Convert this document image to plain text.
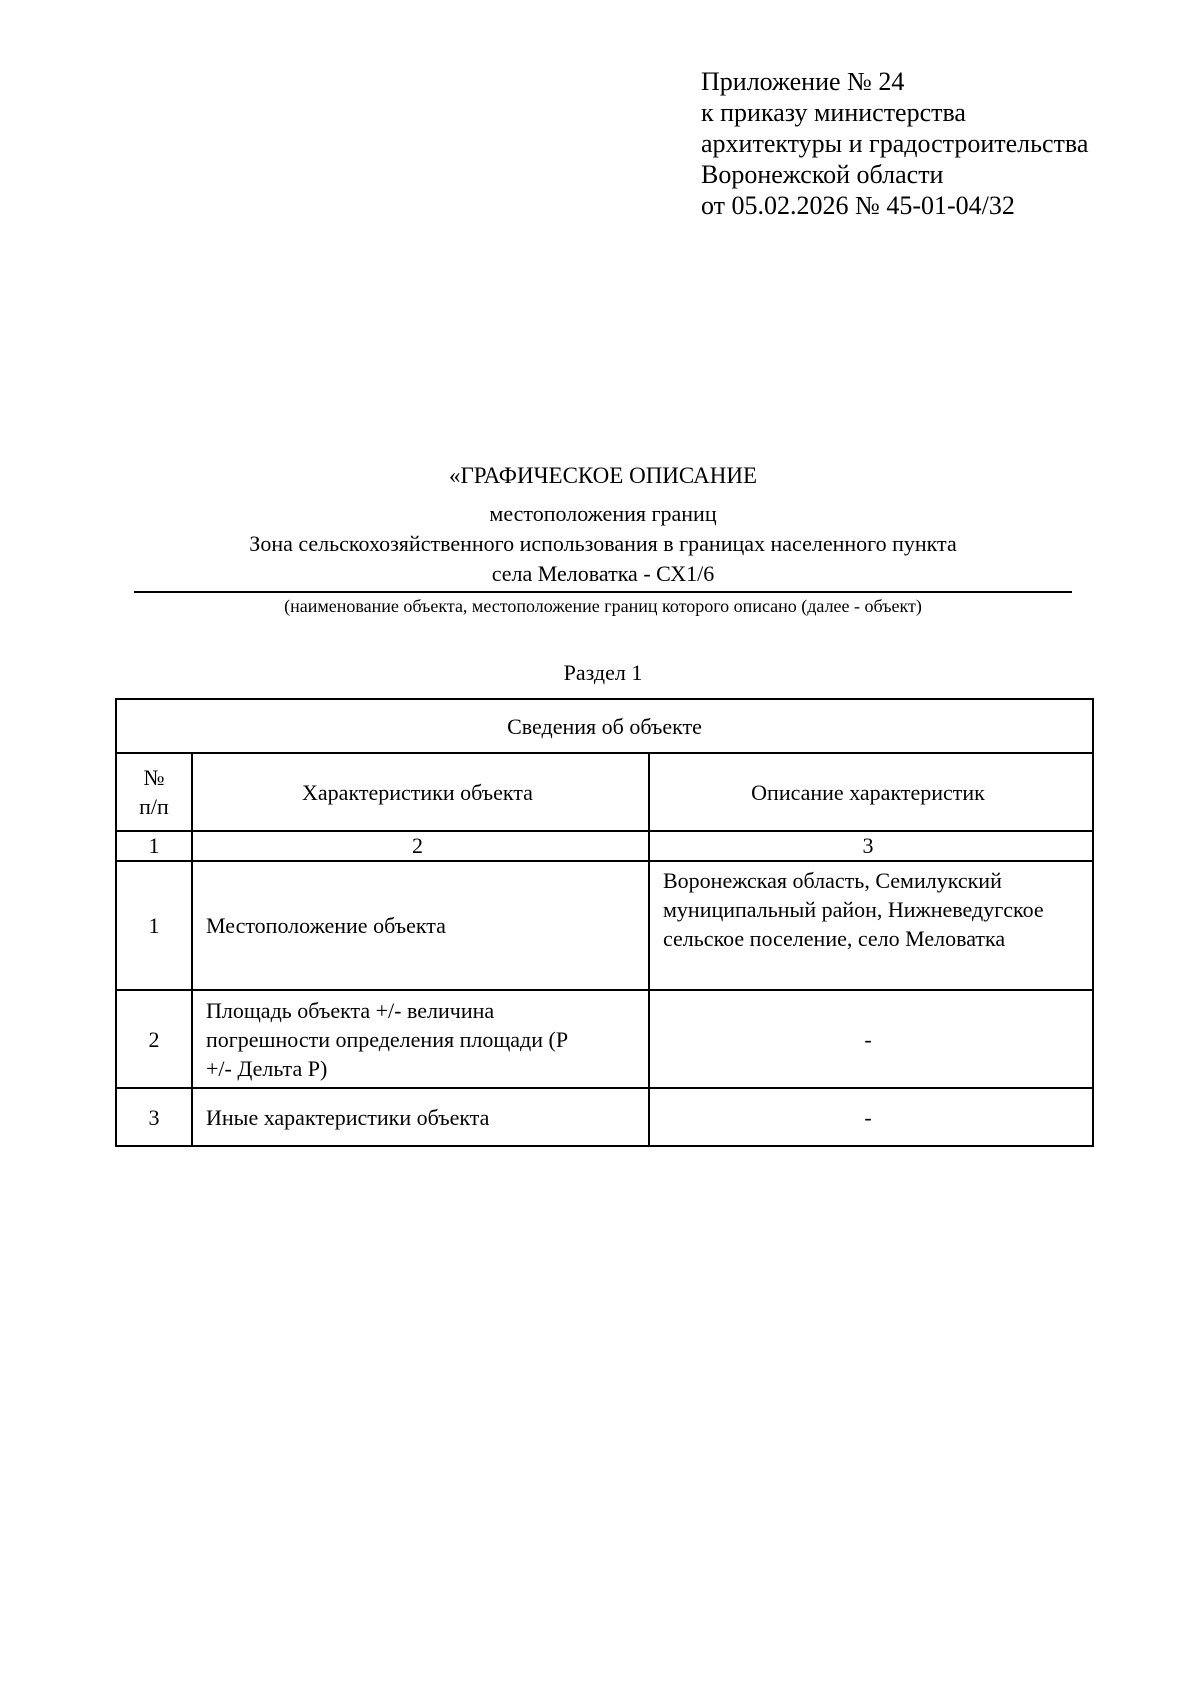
Приложение № 24
к приказу министерства
архитектуры и градостроительства
Воронежской области
от 05.02.2026 № 45-01-04/32
«ГРАФИЧЕСКОЕ ОПИСАНИЕ
местоположения границ
Зона сельскохозяйственного использования в границах населенного пункта
села Меловатка - СХ1/6
(наименование объекта, местоположение границ которого описано (далее - объект)
Раздел 1
Сведения об объекте		

№
п/п	Характеристики объекта	Описание характеристик
1	2	3
1	Местоположение объекта	Воронежская область, Семилукский
муниципальный район, Нижневедугское
сельское поселение, село Меловатка

2	Площадь объекта +/- величина
погрешности определения площади (Р
+/- Дельта Р)	-
3	Иные характеристики объекта	-
